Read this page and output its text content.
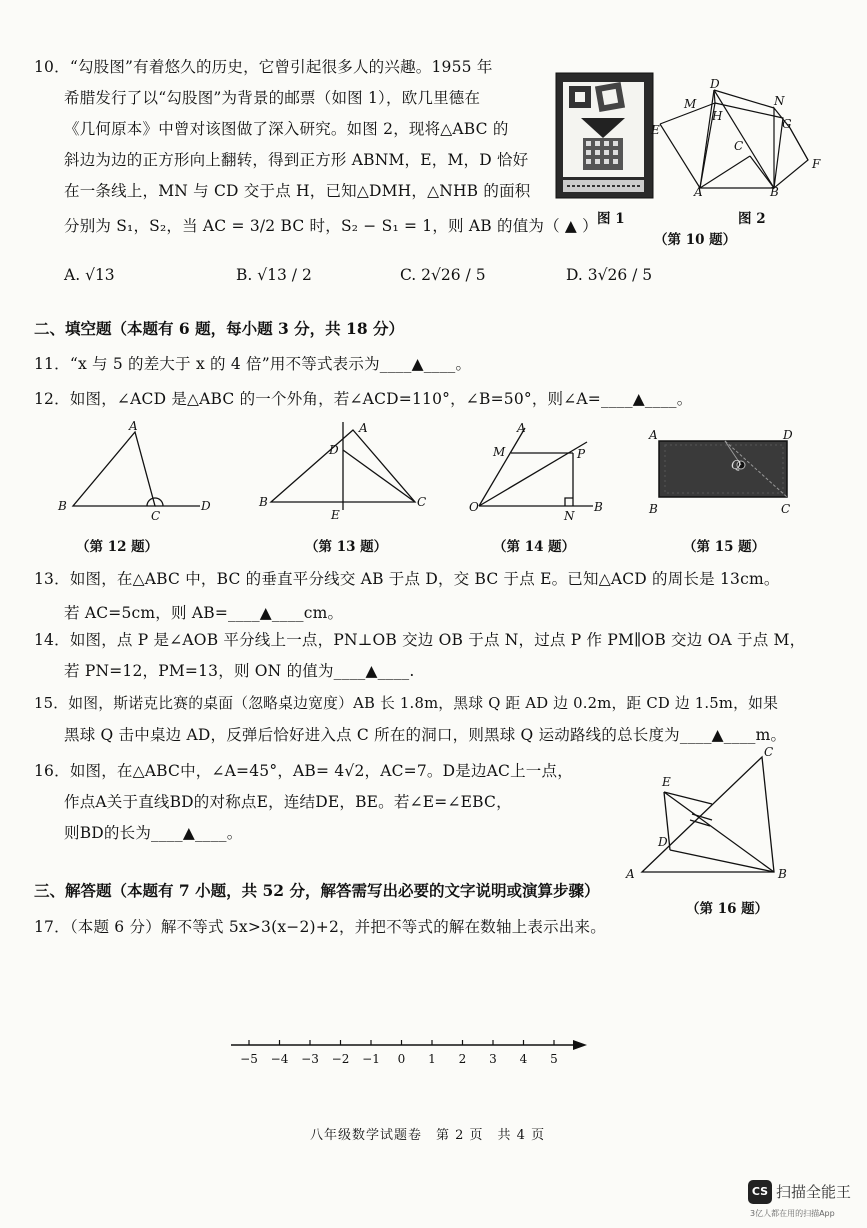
10．“勾股图”有着悠久的历史，它曾引起很多人的兴趣。1955 年
希腊发行了以“勾股图”为背景的邮票（如图 1），欧几里德在
《几何原本》中曾对该图做了深入研究。如图 2，现将△ABC 的
斜边为边的正方形向上翻转，得到正方形 ABNM，E，M，D 恰好
在一条线上，MN 与 CD 交于点 H，已知△DMH，△NHB 的面积
分别为 S₁，S₂，当 AC = 3/2 BC 时，S₂ − S₁ = 1，则 AB 的值为（ ▲ ） 图 1
M
D
N
H
G
E
C
F
A	B
图 2
（第 10 题）
A. √13	B. √13 / 2	C. 2√26 / 5	D. 3√26 / 5
二、填空题（本题有 6 题，每小题 3 分，共 18 分）
11．“x 与 5 的差大于 x 的 4 倍”用不等式表示为____▲____。
12．如图，∠ACD 是△ABC 的一个外角，若∠ACD=110°，∠B=50°，则∠A=____▲____。
A
B
C
D
（第 12 题）
A
D
B
E
C
（第 13 题）
A
M	P
O
N
B
（第 14 题）
A	D
B	C
Q
（第 15 题）
13．如图，在△ABC 中，BC 的垂直平分线交 AB 于点 D，交 BC 于点 E。已知△ACD 的周长是 13cm。
若 AC=5cm，则 AB=____▲____cm。
14．如图，点 P 是∠AOB 平分线上一点，PN⊥OB 交边 OB 于点 N，过点 P 作 PM∥OB 交边 OA 于点 M，
若 PN=12，PM=13，则 ON 的值为____▲____.
15．如图，斯诺克比赛的桌面（忽略桌边宽度）AB 长 1.8m，黑球 Q 距 AD 边 0.2m，距 CD 边 1.5m，如果
黑球 Q 击中桌边 AD，反弹后恰好进入点 C 所在的洞口，则黑球 Q 运动路线的总长度为____▲____m。
16．如图，在△ABC中，∠A=45°，AB= 4√2，AC=7。D是边AC上一点，
作点A关于直线BD的对称点E，连结DE，BE。若∠E=∠EBC，
则BD的长为____▲____。
C
E
D
A	B
（第 16 题）
三、解答题（本题有 7 小题，共 52 分，解答需写出必要的文字说明或演算步骤）
17．（本题 6 分）解不等式 5x>3(x−2)+2，并把不等式的解在数轴上表示出来。
−5 −4 −3 −2 −1 0 1 2 3 4 5
八年级数学试题卷　第 2 页　共 4 页
CS 扫描全能王
3亿人都在用的扫描App
